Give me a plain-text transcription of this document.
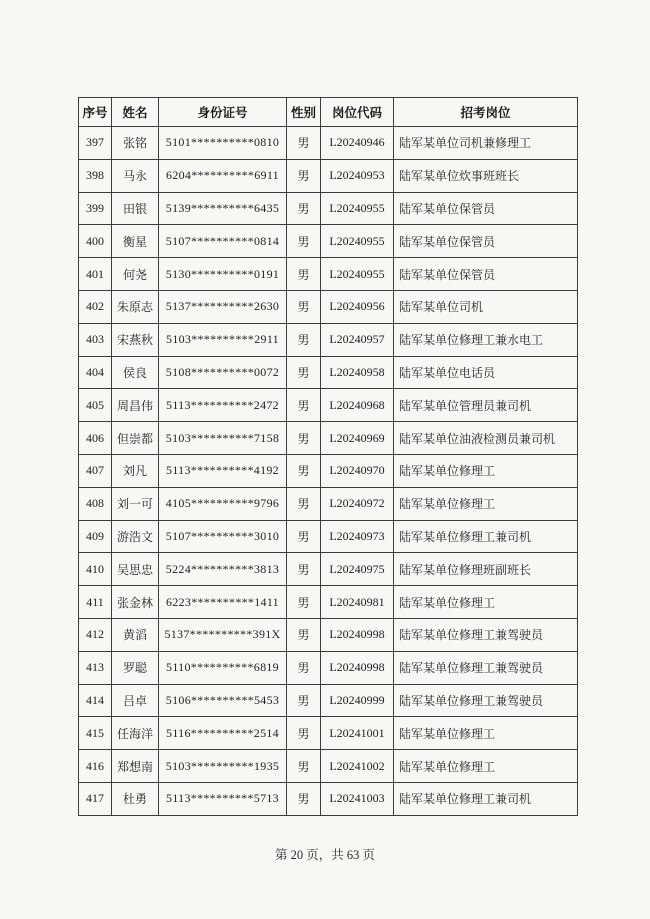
序号	姓名	身份证号	性别	岗位代码	招考岗位
397	张铭	5101**********0810	男	L20240946	陆军某单位司机兼修理工
398	马永	6204**********6911	男	L20240953	陆军某单位炊事班班长
399	田银	5139**********6435	男	L20240955	陆军某单位保管员
400	衡星	5107**********0814	男	L20240955	陆军某单位保管员
401	何尧	5130**********0191	男	L20240955	陆军某单位保管员
402	朱原志	5137**********2630	男	L20240956	陆军某单位司机
403	宋燕秋	5103**********2911	男	L20240957	陆军某单位修理工兼水电工
404	侯良	5108**********0072	男	L20240958	陆军某单位电话员
405	周昌伟	5113**********2472	男	L20240968	陆军某单位管理员兼司机
406	但崇都	5103**********7158	男	L20240969	陆军某单位油液检测员兼司机
407	刘凡	5113**********4192	男	L20240970	陆军某单位修理工
408	刘一可	4105**********9796	男	L20240972	陆军某单位修理工
409	游浩文	5107**********3010	男	L20240973	陆军某单位修理工兼司机
410	吴思忠	5224**********3813	男	L20240975	陆军某单位修理班副班长
411	张金林	6223**********1411	男	L20240981	陆军某单位修理工
412	黄滔	5137**********391X	男	L20240998	陆军某单位修理工兼驾驶员
413	罗聪	5110**********6819	男	L20240998	陆军某单位修理工兼驾驶员
414	吕卓	5106**********5453	男	L20240999	陆军某单位修理工兼驾驶员
415	任海洋	5116**********2514	男	L20241001	陆军某单位修理工
416	郑想南	5103**********1935	男	L20241002	陆军某单位修理工
417	杜勇	5113**********5713	男	L20241003	陆军某单位修理工兼司机
第 20 页，共 63 页
